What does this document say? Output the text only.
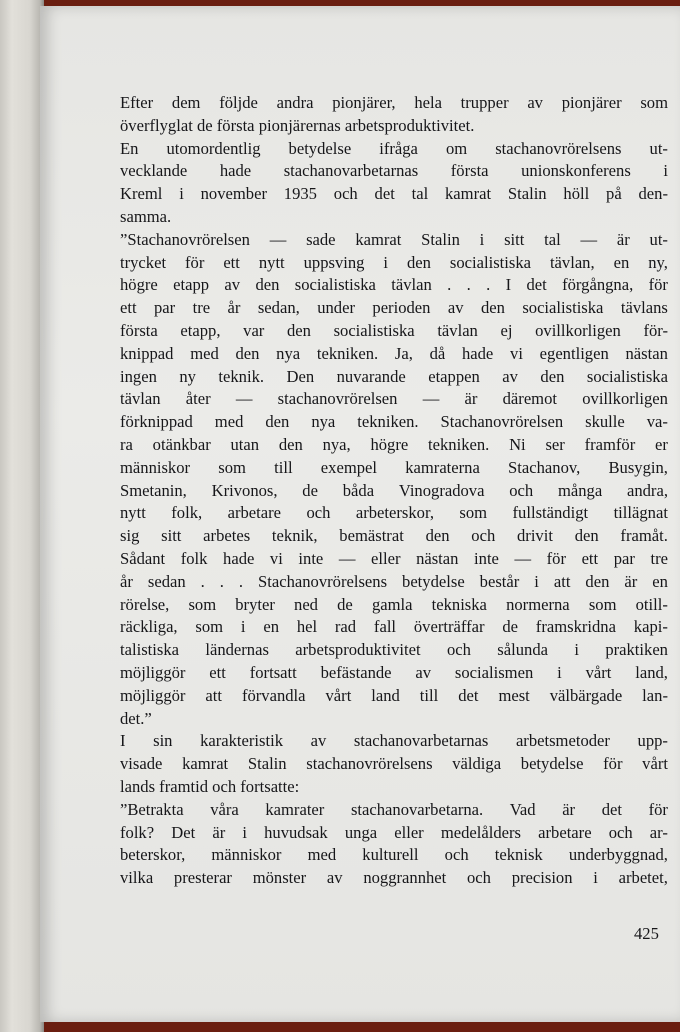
Efter dem följde andra pionjärer, hela trupper av pionjärer som
överflyglat de första pionjärernas arbetsproduktivitet.
En utomordentlig betydelse ifråga om stachanovrörelsens ut-
vecklande hade stachanovarbetarnas första unionskonferens i
Kreml i november 1935 och det tal kamrat Stalin höll på den-
samma.
”Stachanovrörelsen — sade kamrat Stalin i sitt tal — är ut-
trycket för ett nytt uppsving i den socialistiska tävlan, en ny,
högre etapp av den socialistiska tävlan . . . I det förgångna, för
ett par tre år sedan, under perioden av den socialistiska tävlans
första etapp, var den socialistiska tävlan ej ovillkorligen för-
knippad med den nya tekniken. Ja, då hade vi egentligen nästan
ingen ny teknik. Den nuvarande etappen av den socialistiska
tävlan åter — stachanovrörelsen — är däremot ovillkorligen
förknippad med den nya tekniken. Stachanovrörelsen skulle va-
ra otänkbar utan den nya, högre tekniken. Ni ser framför er
människor som till exempel kamraterna Stachanov, Busygin,
Smetanin, Krivonos, de båda Vinogradova och många andra,
nytt folk, arbetare och arbeterskor, som fullständigt tillägnat
sig sitt arbetes teknik, bemästrat den och drivit den framåt.
Sådant folk hade vi inte — eller nästan inte — för ett par tre
år sedan . . . Stachanovrörelsens betydelse består i att den är en
rörelse, som bryter ned de gamla tekniska normerna som otill-
räckliga, som i en hel rad fall överträffar de framskridna kapi-
talistiska ländernas arbetsproduktivitet och sålunda i praktiken
möjliggör ett fortsatt befästande av socialismen i vårt land,
möjliggör att förvandla vårt land till det mest välbärgade lan-
det.”
I sin karakteristik av stachanovarbetarnas arbetsmetoder upp-
visade kamrat Stalin stachanovrörelsens väldiga betydelse för vårt
lands framtid och fortsatte:
”Betrakta våra kamrater stachanovarbetarna. Vad är det för
folk? Det är i huvudsak unga eller medelålders arbetare och ar-
beterskor, människor med kulturell och teknisk underbyggnad,
vilka presterar mönster av noggrannhet och precision i arbetet,
425
